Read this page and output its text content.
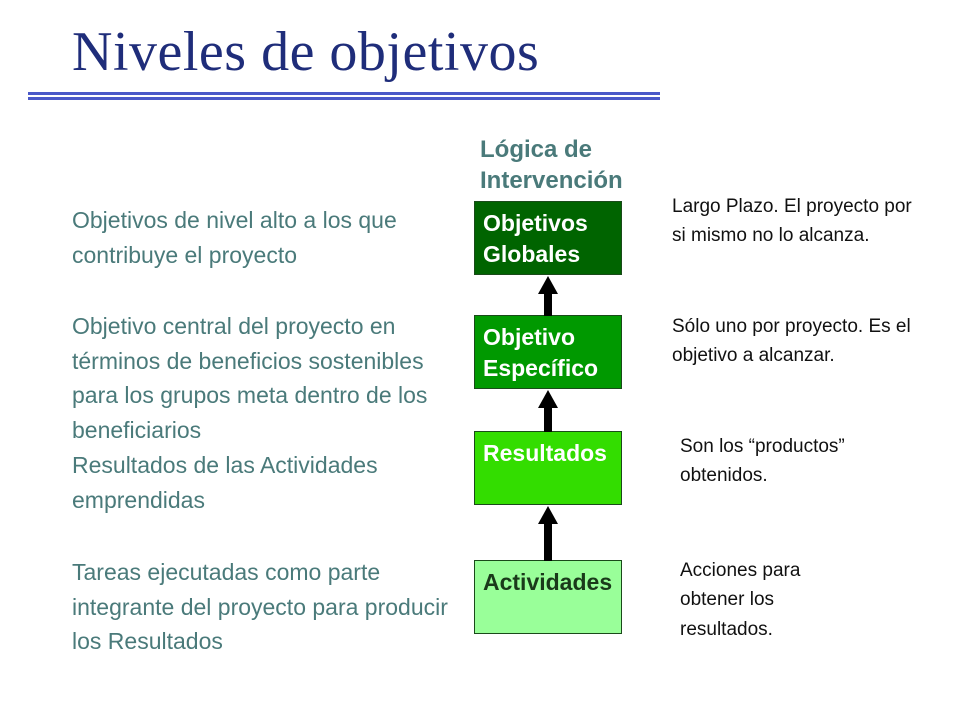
Niveles de objetivos
Lógica de
Intervención
Objetivos de nivel alto a los que contribuye el proyecto
Objetivo central del proyecto en términos de beneficios sostenibles para los grupos meta dentro de los beneficiarios
Resultados de las Actividades emprendidas
Tareas ejecutadas como parte integrante del proyecto para producir los Resultados
Objetivos
Globales
Objetivo
Específico
Resultados
Actividades
Largo Plazo. El proyecto por si mismo no lo alcanza.
Sólo uno por proyecto. Es el objetivo a alcanzar.
Son los “productos” obtenidos.
Acciones para obtener los resultados.
